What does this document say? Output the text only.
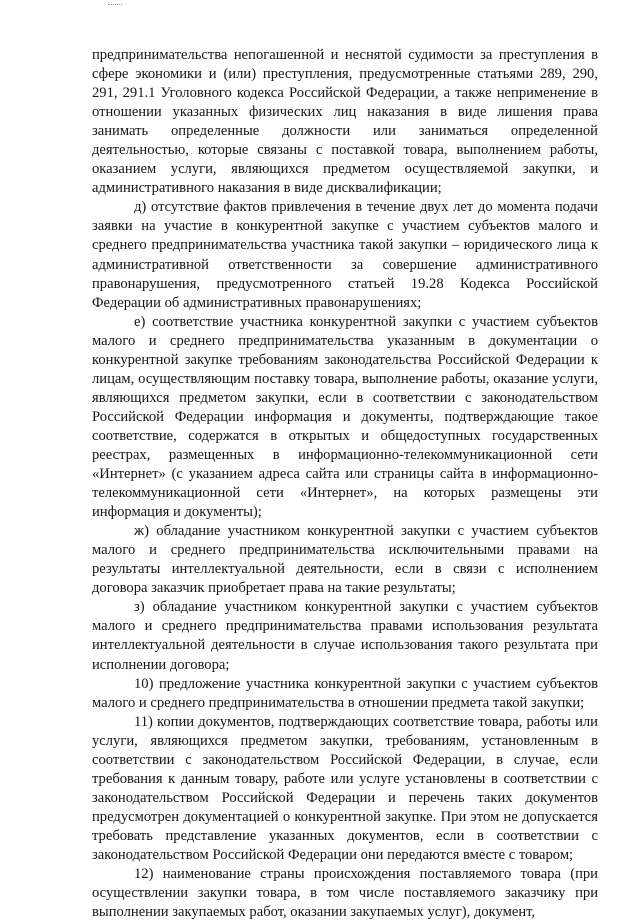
предпринимательства непогашенной и неснятой судимости за преступления в сфере экономики и (или) преступления, предусмотренные статьями 289, 290, 291, 291.1 Уголовного кодекса Российской Федерации, а также неприменение в отношении указанных физических лиц наказания в виде лишения права занимать определенные должности или заниматься определенной деятельностью, которые связаны с поставкой товара, выполнением работы, оказанием услуги, являющихся предметом осуществляемой закупки, и административного наказания в виде дисквалификации;

д) отсутствие фактов привлечения в течение двух лет до момента подачи заявки на участие в конкурентной закупке с участием субъектов малого и среднего предпринимательства участника такой закупки – юридического лица к административной ответственности за совершение административного правонарушения, предусмотренного статьей 19.28 Кодекса Российской Федерации об административных правонарушениях;

е) соответствие участника конкурентной закупки с участием субъектов малого и среднего предпринимательства указанным в документации о конкурентной закупке требованиям законодательства Российской Федерации к лицам, осуществляющим поставку товара, выполнение работы, оказание услуги, являющихся предметом закупки, если в соответствии с законодательством Российской Федерации информация и документы, подтверждающие такое соответствие, содержатся в открытых и общедоступных государственных реестрах, размещенных в информационно-телекоммуникационной сети «Интернет» (с указанием адреса сайта или страницы сайта в информационно-телекоммуникационной сети «Интернет», на которых размещены эти информация и документы);

ж) обладание участником конкурентной закупки с участием субъектов малого и среднего предпринимательства исключительными правами на результаты интеллектуальной деятельности, если в связи с исполнением договора заказчик приобретает права на такие результаты;

з) обладание участником конкурентной закупки с участием субъектов малого и среднего предпринимательства правами использования результата интеллектуальной деятельности в случае использования такого результата при исполнении договора;

10) предложение участника конкурентной закупки с участием субъектов малого и среднего предпринимательства в отношении предмета такой закупки;

11) копии документов, подтверждающих соответствие товара, работы или услуги, являющихся предметом закупки, требованиям, установленным в соответствии с законодательством Российской Федерации, в случае, если требования к данным товару, работе или услуге установлены в соответствии с законодательством Российской Федерации и перечень таких документов предусмотрен документацией о конкурентной закупке. При этом не допускается требовать представление указанных документов, если в соответствии с законодательством Российской Федерации они передаются вместе с товаром;

12) наименование страны происхождения поставляемого товара (при осуществлении закупки товара, в том числе поставляемого заказчику при выполнении закупаемых работ, оказании закупаемых услуг), документ,
